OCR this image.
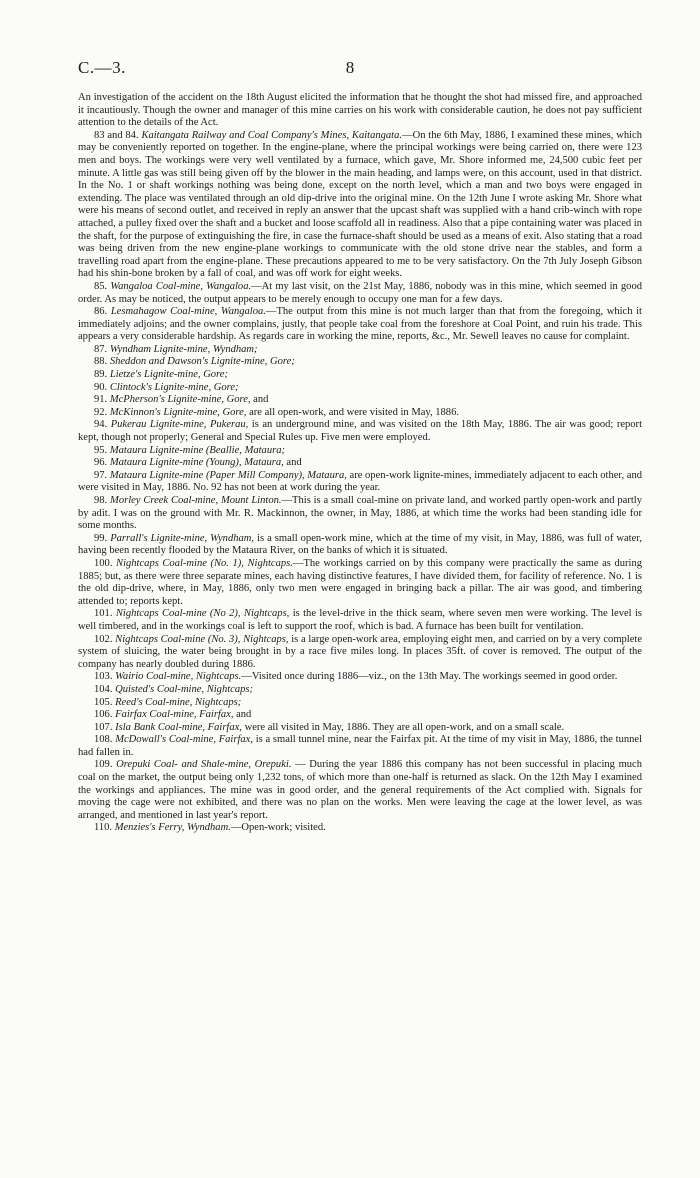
C.—3.	8

An investigation of the accident on the 18th August elicited the information that he thought the shot had missed fire, and approached it incautiously. Though the owner and manager of this mine carries on his work with considerable caution, he does not pay sufficient attention to the details of the Act.

83 and 84. Kaitangata Railway and Coal Company's Mines, Kaitangata.—On the 6th May, 1886, I examined these mines, which may be conveniently reported on together. In the engine-plane, where the principal workings were being carried on, there were 123 men and boys. The workings were very well ventilated by a furnace, which gave, Mr. Shore informed me, 24,500 cubic feet per minute. A little gas was still being given off by the blower in the main heading, and lamps were, on this account, used in that district. In the No. 1 or shaft workings nothing was being done, except on the north level, which a man and two boys were engaged in extending. The place was ventilated through an old dip-drive into the original mine. On the 12th June I wrote asking Mr. Shore what were his means of second outlet, and received in reply an answer that the upcast shaft was supplied with a hand crib-winch with rope attached, a pulley fixed over the shaft and a bucket and loose scaffold all in readiness. Also that a pipe containing water was placed in the shaft, for the purpose of extinguishing the fire, in case the furnace-shaft should be used as a means of exit. Also stating that a road was being driven from the new engine-plane workings to communicate with the old stone drive near the stables, and form a travelling road apart from the engine-plane. These precautions appeared to me to be very satisfactory. On the 7th July Joseph Gibson had his shin-bone broken by a fall of coal, and was off work for eight weeks.

85. Wangaloa Coal-mine, Wangaloa.—At my last visit, on the 21st May, 1886, nobody was in this mine, which seemed in good order. As may be noticed, the output appears to be merely enough to occupy one man for a few days.

86. Lesmahagow Coal-mine, Wangaloa.—The output from this mine is not much larger than that from the foregoing, which it immediately adjoins; and the owner complains, justly, that people take coal from the foreshore at Coal Point, and ruin his trade. This appears a very considerable hardship. As regards care in working the mine, reports, &c., Mr. Sewell leaves no cause for complaint.

87. Wyndham Lignite-mine, Wyndham;

88. Sheddon and Dawson's Lignite-mine, Gore;

89. Lietze's Lignite-mine, Gore;

90. Clintock's Lignite-mine, Gore;

91. McPherson's Lignite-mine, Gore, and

92. McKinnon's Lignite-mine, Gore, are all open-work, and were visited in May, 1886.

94. Pukerau Lignite-mine, Pukerau, is an underground mine, and was visited on the 18th May, 1886. The air was good; report kept, though not properly; General and Special Rules up. Five men were employed.

95. Mataura Lignite-mine (Beallie, Mataura;

96. Mataura Lignite-mine (Young), Mataura, and

97. Mataura Lignite-mine (Paper Mill Company), Mataura, are open-work lignite-mines, immediately adjacent to each other, and were visited in May, 1886. No. 92 has not been at work during the year.

98. Morley Creek Coal-mine, Mount Linton.—This is a small coal-mine on private land, and worked partly open-work and partly by adit. I was on the ground with Mr. R. Mackinnon, the owner, in May, 1886, at which time the works had been standing idle for some months.

99. Parrall's Lignite-mine, Wyndham, is a small open-work mine, which at the time of my visit, in May, 1886, was full of water, having been recently flooded by the Mataura River, on the banks of which it is situated.

100. Nightcaps Coal-mine (No. 1), Nightcaps.—The workings carried on by this company were practically the same as during 1885; but, as there were three separate mines, each having distinctive features, I have divided them, for facility of reference. No. 1 is the old dip-drive, where, in May, 1886, only two men were engaged in bringing back a pillar. The air was good, and timbering attended to; reports kept.

101. Nightcaps Coal-mine (No 2), Nightcaps, is the level-drive in the thick seam, where seven men were working. The level is well timbered, and in the workings coal is left to support the roof, which is bad. A furnace has been built for ventilation.

102. Nightcaps Coal-mine (No. 3), Nightcaps, is a large open-work area, employing eight men, and carried on by a very complete system of sluicing, the water being brought in by a race five miles long. In places 35ft. of cover is removed. The output of the company has nearly doubled during 1886.

103. Wairio Coal-mine, Nightcaps.—Visited once during 1886—viz., on the 13th May. The workings seemed in good order.

104. Quisted's Coal-mine, Nightcaps;

105. Reed's Coal-mine, Nightcaps;

106. Fairfax Coal-mine, Fairfax, and

107. Isla Bank Coal-mine, Fairfax, were all visited in May, 1886. They are all open-work, and on a small scale.

108. McDowall's Coal-mine, Fairfax, is a small tunnel mine, near the Fairfax pit. At the time of my visit in May, 1886, the tunnel had fallen in.

109. Orepuki Coal- and Shale-mine, Orepuki. — During the year 1886 this company has not been successful in placing much coal on the market, the output being only 1,232 tons, of which more than one-half is returned as slack. On the 12th May I examined the workings and appliances. The mine was in good order, and the general requirements of the Act complied with. Signals for moving the cage were not exhibited, and there was no plan on the works. Men were leaving the cage at the lower level, as was arranged, and mentioned in last year's report.

110. Menzies's Ferry, Wyndham.—Open-work; visited.
